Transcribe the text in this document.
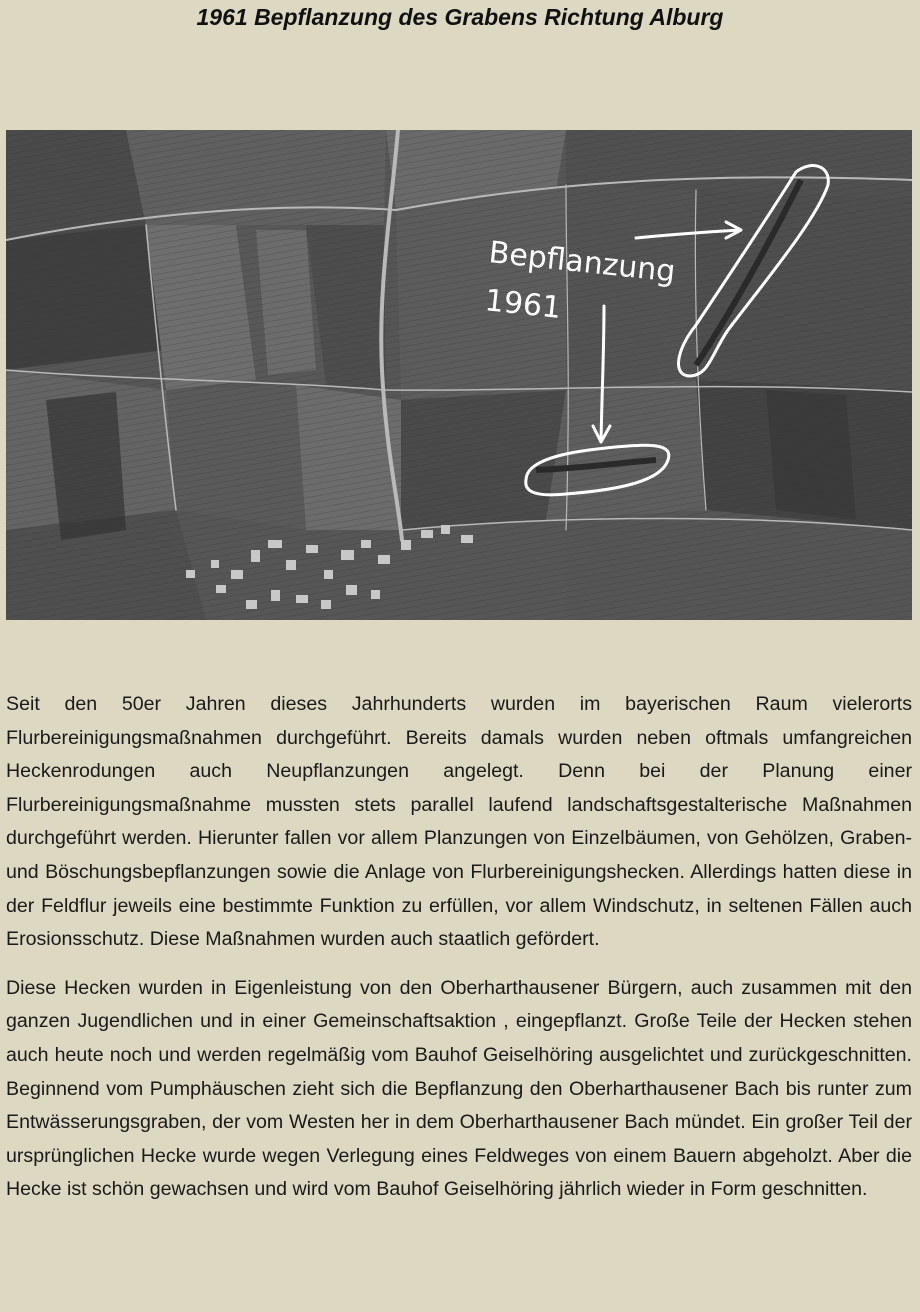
1961 Bepflanzung des Grabens Richtung Alburg
Bepflanzung
1961

Seit den 50er Jahren dieses Jahrhunderts wurden im bayerischen Raum vielerorts Flurbereinigungsmaßnahmen durchgeführt. Bereits damals wurden neben oftmals umfangreichen Heckenrodungen auch Neupflanzungen angelegt. Denn bei der Planung einer Flurbereinigungsmaßnahme mussten stets parallel laufend landschaftsgestalterische Maßnahmen durchgeführt werden. Hierunter fallen vor allem Planzungen von Einzelbäumen, von Gehölzen, Graben- und Böschungsbepflanzungen sowie die Anlage von Flurbereinigungshecken. Allerdings hatten diese in der Feldflur jeweils eine bestimmte Funktion zu erfüllen, vor allem Windschutz, in seltenen Fällen auch Erosionsschutz. Diese Maßnahmen wurden auch staatlich gefördert.

Diese Hecken wurden in Eigenleistung von den Oberharthausener Bürgern, auch zusammen mit den ganzen Jugendlichen und in einer Gemeinschaftsaktion , eingepflanzt. Große Teile der Hecken stehen auch heute noch und werden regelmäßig vom Bauhof Geiselhöring ausgelichtet und zurückgeschnitten. Beginnend vom Pumphäuschen zieht sich die Bepflanzung den Oberharthausener Bach bis runter zum Entwässerungsgraben, der vom Westen her in dem Oberharthausener Bach mündet. Ein großer Teil der ursprünglichen Hecke wurde wegen Verlegung eines Feldweges von einem Bauern abgeholzt. Aber die Hecke ist schön gewachsen und wird vom Bauhof Geiselhöring jährlich wieder in Form geschnitten.
